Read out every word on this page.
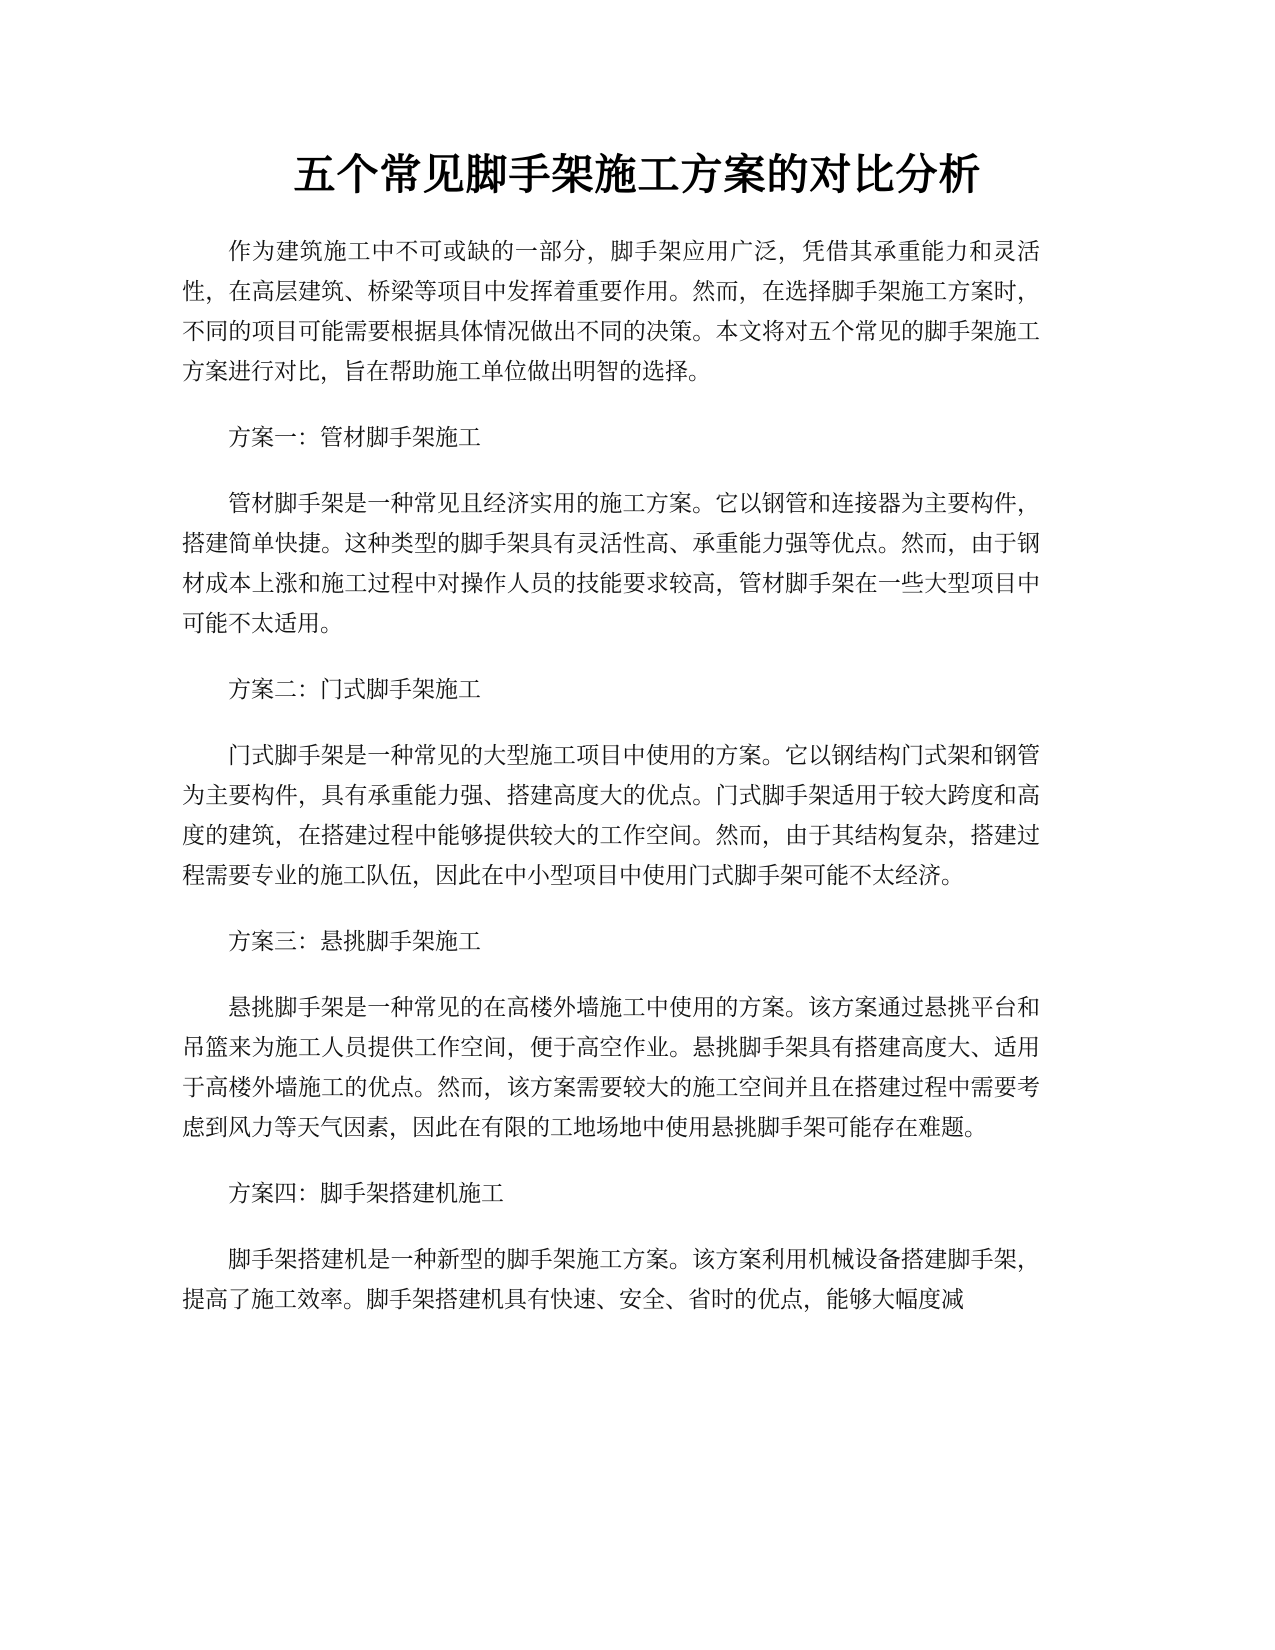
五个常见脚手架施工方案的对比分析

作为建筑施工中不可或缺的一部分，脚手架应用广泛，凭借其承重能力和灵活性，在高层建筑、桥梁等项目中发挥着重要作用。然而，在选择脚手架施工方案时，不同的项目可能需要根据具体情况做出不同的决策。本文将对五个常见的脚手架施工方案进行对比，旨在帮助施工单位做出明智的选择。

方案一：管材脚手架施工

管材脚手架是一种常见且经济实用的施工方案。它以钢管和连接器为主要构件，搭建简单快捷。这种类型的脚手架具有灵活性高、承重能力强等优点。然而，由于钢材成本上涨和施工过程中对操作人员的技能要求较高，管材脚手架在一些大型项目中可能不太适用。

方案二：门式脚手架施工

门式脚手架是一种常见的大型施工项目中使用的方案。它以钢结构门式架和钢管为主要构件，具有承重能力强、搭建高度大的优点。门式脚手架适用于较大跨度和高度的建筑，在搭建过程中能够提供较大的工作空间。然而，由于其结构复杂，搭建过程需要专业的施工队伍，因此在中小型项目中使用门式脚手架可能不太经济。

方案三：悬挑脚手架施工

悬挑脚手架是一种常见的在高楼外墙施工中使用的方案。该方案通过悬挑平台和吊篮来为施工人员提供工作空间，便于高空作业。悬挑脚手架具有搭建高度大、适用于高楼外墙施工的优点。然而，该方案需要较大的施工空间并且在搭建过程中需要考虑到风力等天气因素，因此在有限的工地场地中使用悬挑脚手架可能存在难题。

方案四：脚手架搭建机施工

脚手架搭建机是一种新型的脚手架施工方案。该方案利用机械设备搭建脚手架，提高了施工效率。脚手架搭建机具有快速、安全、省时的优点，能够大幅度减
